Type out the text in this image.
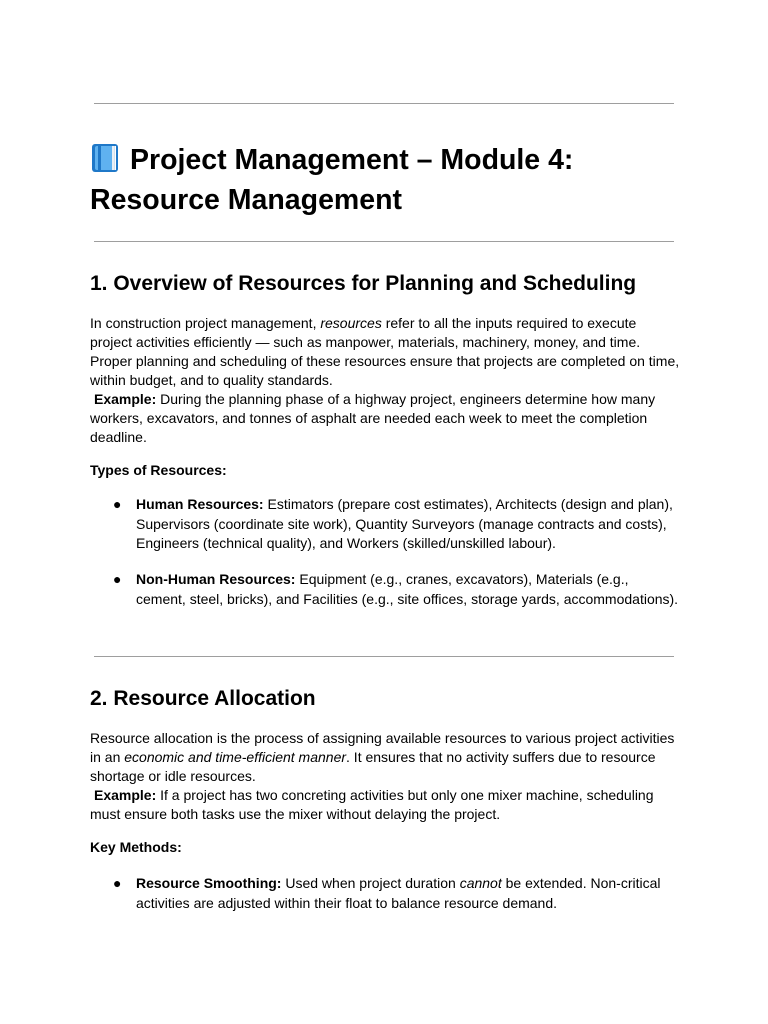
Project Management – Module 4: Resource Management
1. Overview of Resources for Planning and Scheduling

In construction project management, resources refer to all the inputs required to execute project activities efficiently — such as manpower, materials, machinery, money, and time. Proper planning and scheduling of these resources ensure that projects are completed on time, within budget, and to quality standards.
Example: During the planning phase of a highway project, engineers determine how many workers, excavators, and tonnes of asphalt are needed each week to meet the completion deadline.

Types of Resources:

● Human Resources: Estimators (prepare cost estimates), Architects (design and plan), Supervisors (coordinate site work), Quantity Surveyors (manage contracts and costs), Engineers (technical quality), and Workers (skilled/unskilled labour).
● Non-Human Resources: Equipment (e.g., cranes, excavators), Materials (e.g., cement, steel, bricks), and Facilities (e.g., site offices, storage yards, accommodations).
2. Resource Allocation

Resource allocation is the process of assigning available resources to various project activities in an economic and time-efficient manner. It ensures that no activity suffers due to resource shortage or idle resources.
Example: If a project has two concreting activities but only one mixer machine, scheduling must ensure both tasks use the mixer without delaying the project.

Key Methods:

● Resource Smoothing: Used when project duration cannot be extended. Non-critical activities are adjusted within their float to balance resource demand.
